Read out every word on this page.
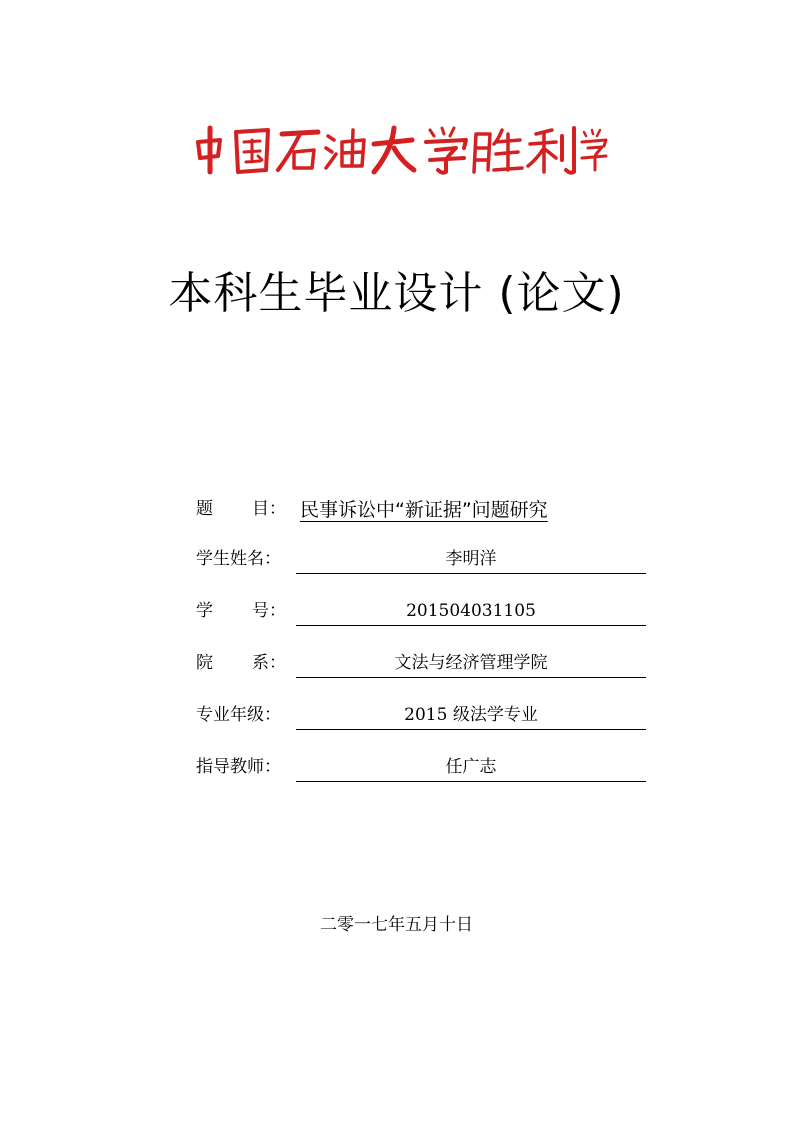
本科生毕业设计 (论文)
题 目： 民事诉讼中“新证据”问题研究
学生姓名：	李明洋
学 号：	201504031105
院 系：	文法与经济管理学院
专业年级：	2015 级法学专业
指导教师：	任广志
二零一七年五月十日
